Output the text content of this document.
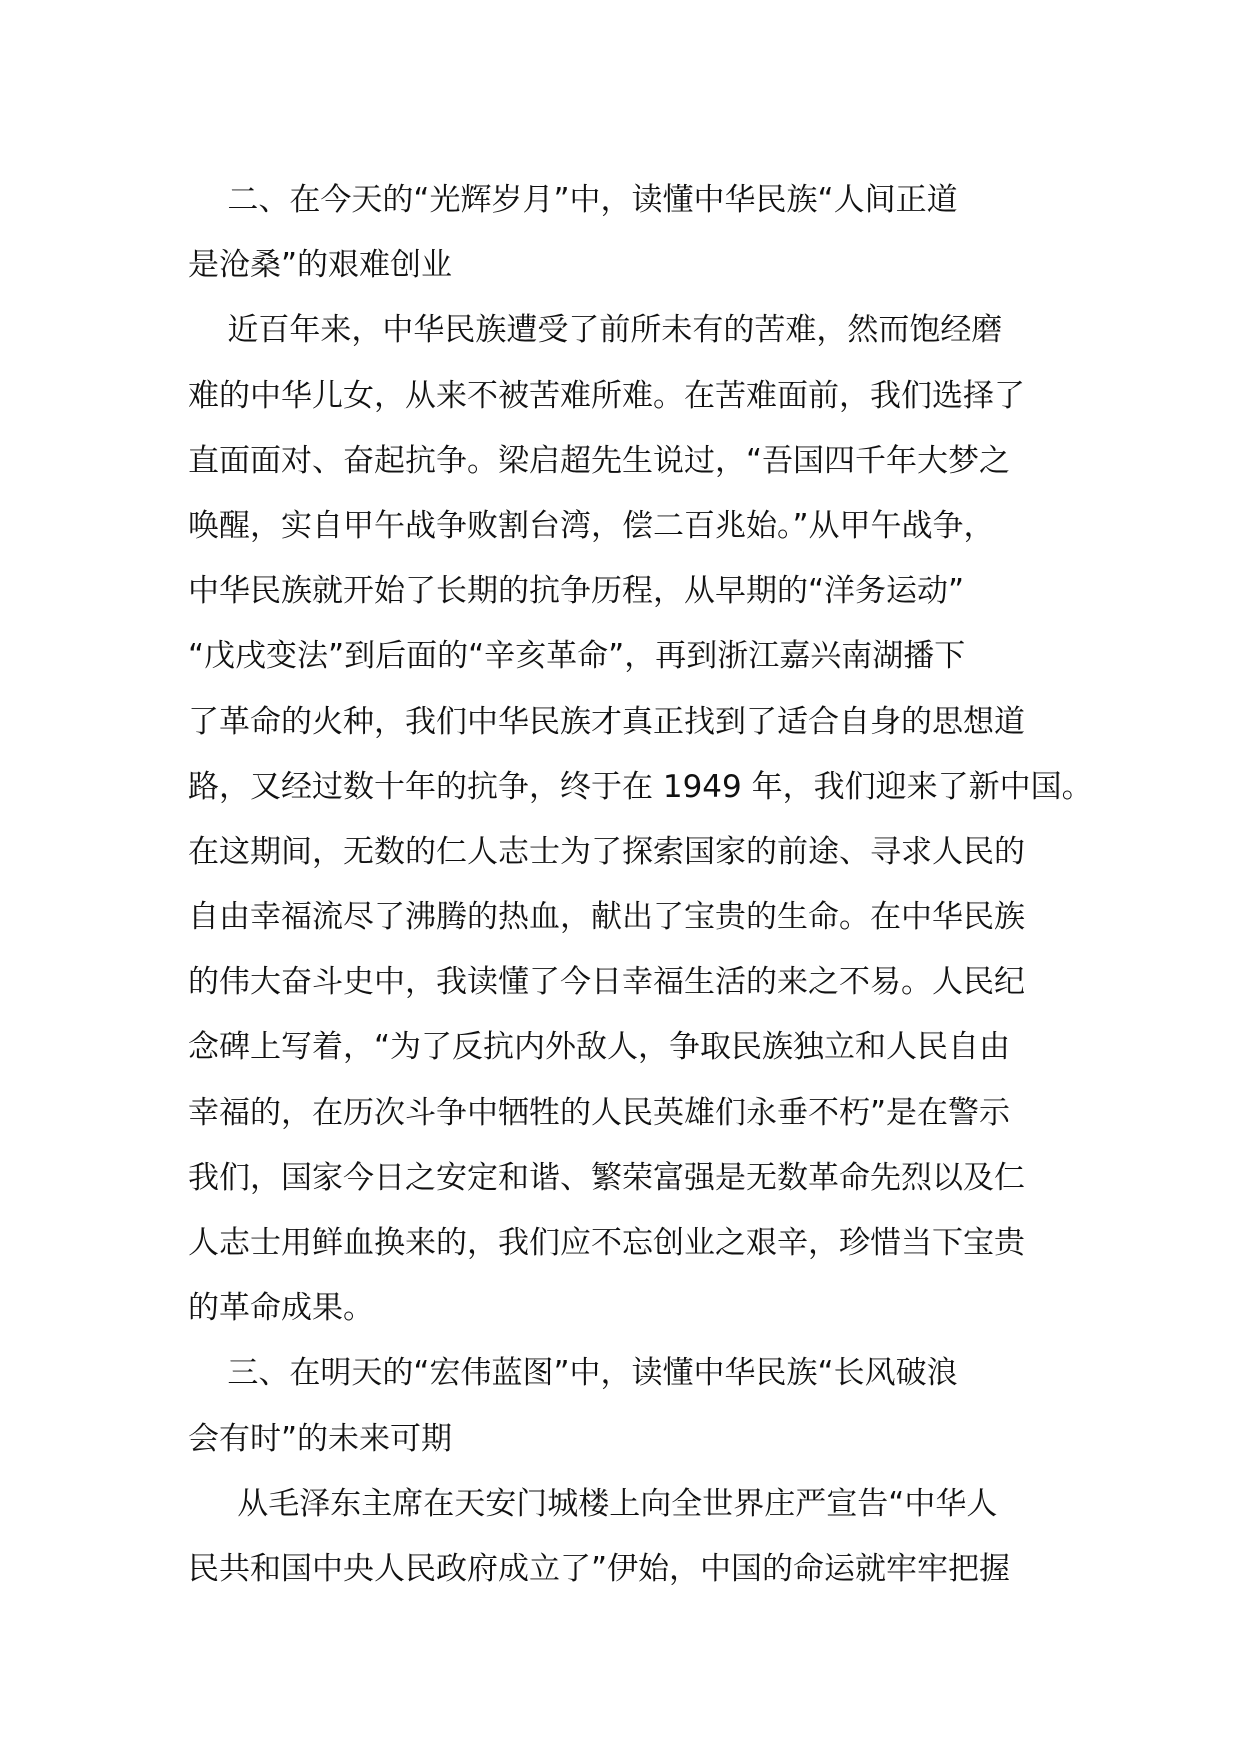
二、在今天的“光辉岁月”中，读懂中华民族“人间正道
是沧桑”的艰难创业
近百年来，中华民族遭受了前所未有的苦难，然而饱经磨
难的中华儿女，从来不被苦难所难。在苦难面前，我们选择了
直面面对、奋起抗争。梁启超先生说过，“吾国四千年大梦之
唤醒，实自甲午战争败割台湾，偿二百兆始。”从甲午战争，
中华民族就开始了长期的抗争历程，从早期的“洋务运动”
“戊戌变法”到后面的“辛亥革命”，再到浙江嘉兴南湖播下
了革命的火种，我们中华民族才真正找到了适合自身的思想道
路，又经过数十年的抗争，终于在 1949 年，我们迎来了新中国。
在这期间，无数的仁人志士为了探索国家的前途、寻求人民的
自由幸福流尽了沸腾的热血，献出了宝贵的生命。在中华民族
的伟大奋斗史中，我读懂了今日幸福生活的来之不易。人民纪
念碑上写着，“为了反抗内外敌人，争取民族独立和人民自由
幸福的，在历次斗争中牺牲的人民英雄们永垂不朽”是在警示
我们，国家今日之安定和谐、繁荣富强是无数革命先烈以及仁
人志士用鲜血换来的，我们应不忘创业之艰辛，珍惜当下宝贵
的革命成果。
三、在明天的“宏伟蓝图”中，读懂中华民族“长风破浪
会有时”的未来可期
从毛泽东主席在天安门城楼上向全世界庄严宣告“中华人
民共和国中央人民政府成立了”伊始，中国的命运就牢牢把握
